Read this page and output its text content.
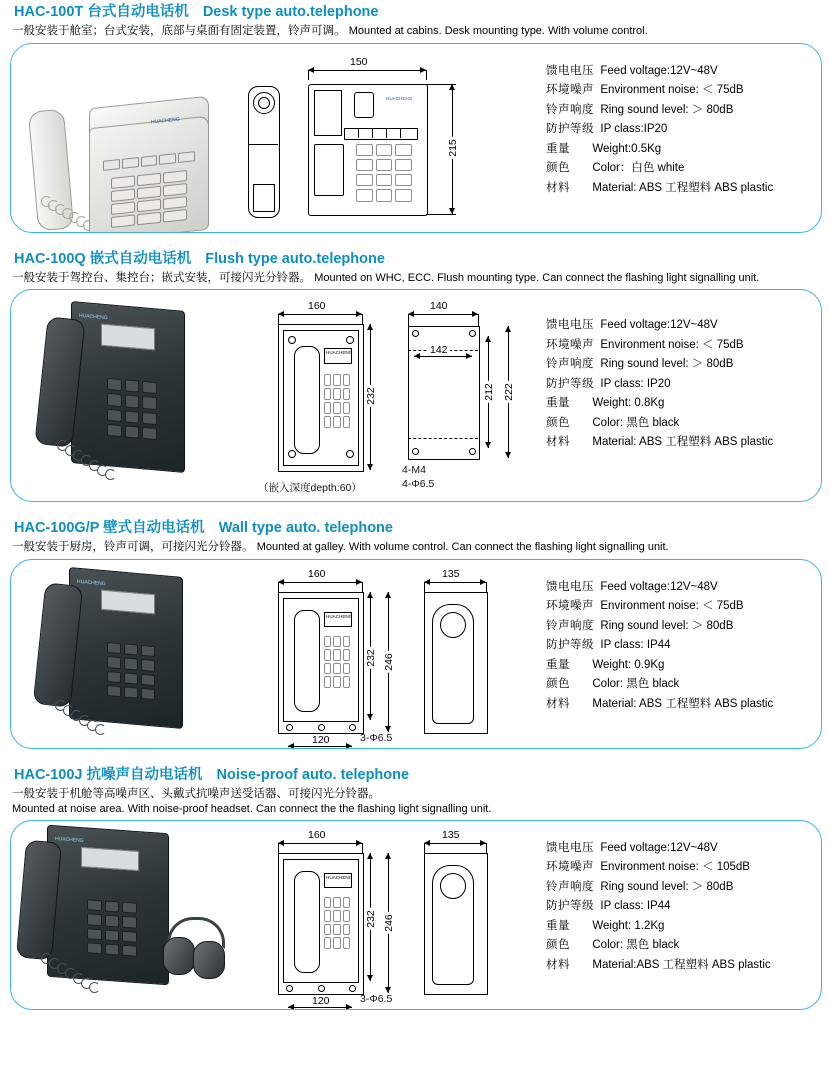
HAC-100T 台式自动电话机 Desk type auto.telephone
一般安装于舱室；台式安装，底部与桌面有固定装置，铃声可调。 Mounted at cabins. Desk mounting type. With volume control.
HUACHENG
150
HUACHENG
215
馈电电压 Feed voltage:12V~48V
环境噪声 Environment noise: ＜ 75dB
铃声响度 Ring sound level: ＞ 80dB
防护等级 IP class:IP20
重量 Weight:0.5Kg
颜色 Color：白色 white
材料 Material: ABS 工程塑料 ABS plastic
HAC-100Q 嵌式自动电话机 Flush type auto.telephone
一般安装于驾控台、集控台；嵌式安装，可接闪光分铃器。 Mounted on WHC, ECC. Flush mounting type. Can connect the flashing light signalling unit.
HUACHENG
160
HUACHENG
232
140
142
212 222
4-M4
4-Φ6.5
（嵌入深度depth:60）
馈电电压 Feed voltage:12V~48V
环境噪声 Environment noise: ＜ 75dB
铃声响度 Ring sound level: ＞ 80dB
防护等级 IP class: IP20
重量 Weight: 0.8Kg
颜色 Color: 黑色 black
材料 Material: ABS 工程塑料 ABS plastic
HAC-100G/P 壁式自动电话机 Wall type auto. telephone
一般安装于厨房，铃声可调，可接闪光分铃器。 Mounted at galley. With volume control. Can connect the flashing light signalling unit.
HUACHENG
160
HUACHENG
232 246
120	3-Φ6.5
135
馈电电压 Feed voltage:12V~48V
环境噪声 Environment noise: ＜ 75dB
铃声响度 Ring sound level: ＞ 80dB
防护等级 IP class: IP44
重量 Weight: 0.9Kg
颜色 Color: 黑色 black
材料 Material: ABS 工程塑料 ABS plastic
HAC-100J 抗噪声自动电话机 Noise-proof auto. telephone
一般安装于机舱等高噪声区、头戴式抗噪声送受话器、可接闪光分铃器。
Mounted at noise area. With noise-proof headset. Can connect the the flashing light signalling unit.
HUACHENG	160
HUACHENG
232 246
120	3-Φ6.5
135
馈电电压 Feed voltage:12V~48V
环境噪声 Environment noise: ＜ 105dB
铃声响度 Ring sound level: ＞ 80dB
防护等级 IP class: IP44
重量 Weight: 1.2Kg
颜色 Color: 黑色 black
材料 Material:ABS 工程塑料 ABS plastic
